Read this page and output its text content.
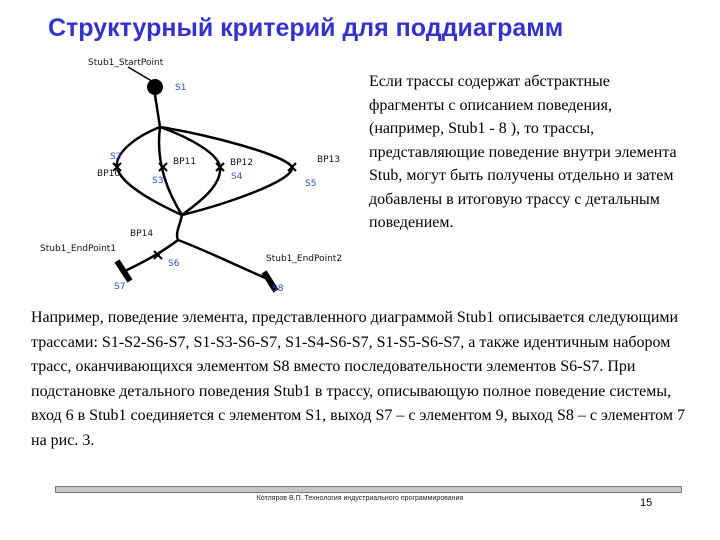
Структурный критерий для поддиаграмм
Stub1_StartPoint
S1
S2
BP10
BP11
S3
BP12
S4
BP13
S5
BP14
Stub1_EndPoint1
S6
S7
Stub1_EndPoint2
S8
Если трассы содержат абстрактные фрагменты с описанием поведения, (например, Stub1 - 8 ), то трассы, представляющие поведение внутри элемента Stub, могут быть получены отдельно и затем добавлены в итоговую трассу с детальным поведением.
Например, поведение элемента, представленного диаграммой Stub1 описывается следующими трассами: S1-S2-S6-S7, S1-S3-S6-S7, S1-S4-S6-S7, S1-S5-S6-S7, а также идентичным набором трасс, оканчивающихся элементом S8 вместо последовательности элементов S6-S7. При подстановке детального поведения Stub1 в трассу, описывающую полное поведение системы, вход 6 в Stub1 соединяется с элементом S1, выход S7 – с элементом 9, выход S8 – с элементом 7 на рис. 3.
Котляров В.П. Технология индустриального программирования	15
